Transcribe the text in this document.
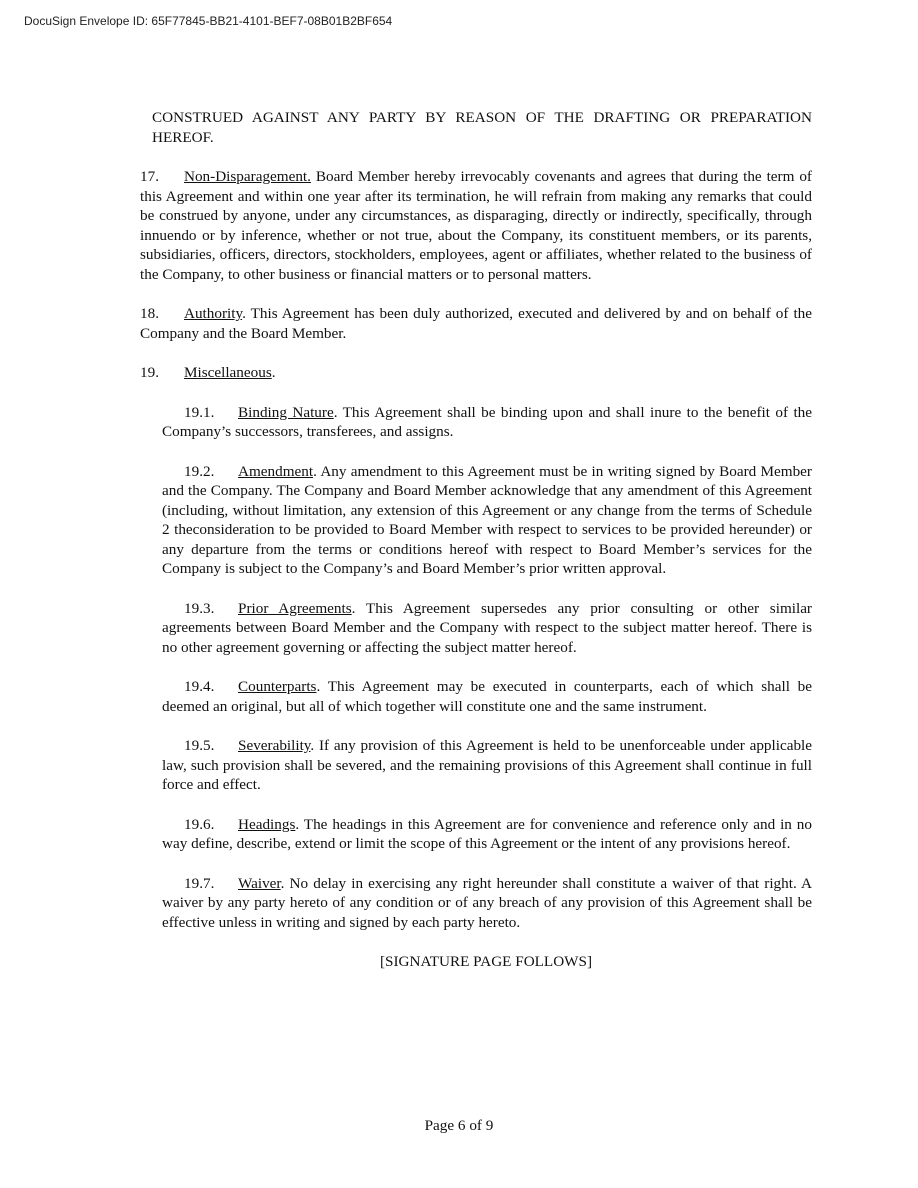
DocuSign Envelope ID: 65F77845-BB21-4101-BEF7-08B01B2BF654

CONSTRUED AGAINST ANY PARTY BY REASON OF THE DRAFTING OR PREPARATION HEREOF.

17. Non-Disparagement. Board Member hereby irrevocably covenants and agrees that during the term of this Agreement and within one year after its termination, he will refrain from making any remarks that could be construed by anyone, under any circumstances, as disparaging, directly or indirectly, specifically, through innuendo or by inference, whether or not true, about the Company, its constituent members, or its parents, subsidiaries, officers, directors, stockholders, employees, agent or affiliates, whether related to the business of the Company, to other business or financial matters or to personal matters.

18. Authority. This Agreement has been duly authorized, executed and delivered by and on behalf of the Company and the Board Member.

19. Miscellaneous.

19.1. Binding Nature. This Agreement shall be binding upon and shall inure to the benefit of the Company’s successors, transferees, and assigns.

19.2. Amendment. Any amendment to this Agreement must be in writing signed by Board Member and the Company. The Company and Board Member acknowledge that any amendment of this Agreement (including, without limitation, any extension of this Agreement or any change from the terms of Schedule 2 theconsideration to be provided to Board Member with respect to services to be provided hereunder) or any departure from the terms or conditions hereof with respect to Board Member’s services for the Company is subject to the Company’s and Board Member’s prior written approval.

19.3. Prior Agreements. This Agreement supersedes any prior consulting or other similar agreements between Board Member and the Company with respect to the subject matter hereof. There is no other agreement governing or affecting the subject matter hereof.

19.4. Counterparts. This Agreement may be executed in counterparts, each of which shall be deemed an original, but all of which together will constitute one and the same instrument.

19.5. Severability. If any provision of this Agreement is held to be unenforceable under applicable law, such provision shall be severed, and the remaining provisions of this Agreement shall continue in full force and effect.

19.6. Headings. The headings in this Agreement are for convenience and reference only and in no way define, describe, extend or limit the scope of this Agreement or the intent of any provisions hereof.

19.7. Waiver. No delay in exercising any right hereunder shall constitute a waiver of that right. A waiver by any party hereto of any condition or of any breach of any provision of this Agreement shall be effective unless in writing and signed by each party hereto.

[SIGNATURE PAGE FOLLOWS]

Page 6 of 9
